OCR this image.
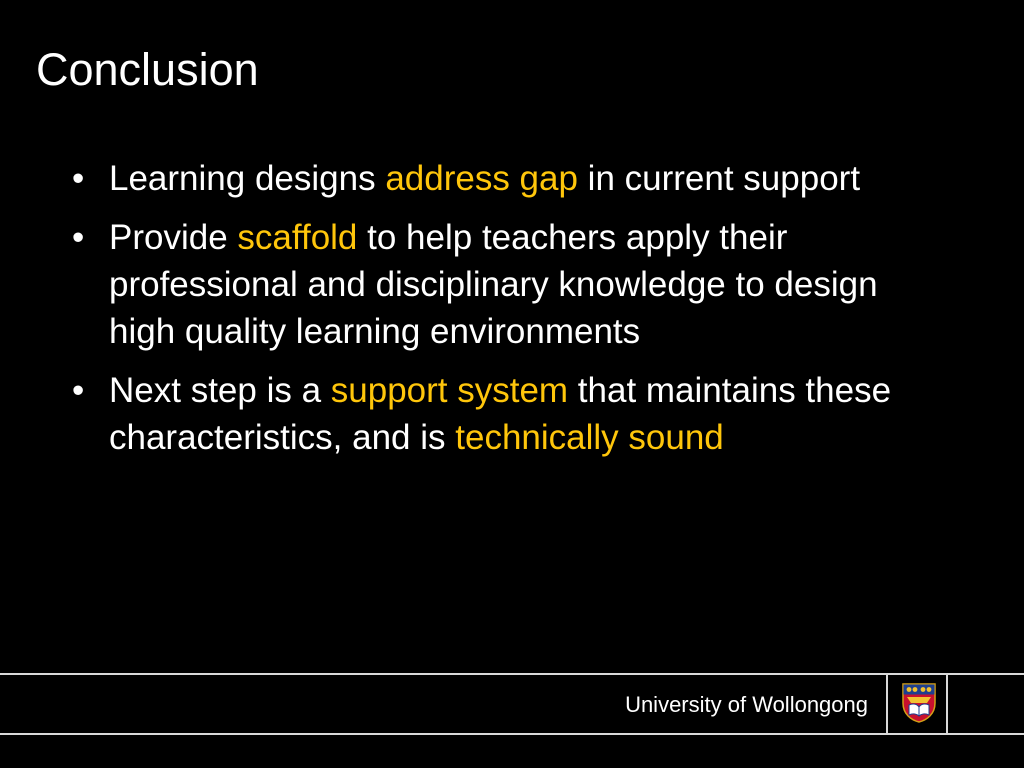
Conclusion
• Learning designs address gap in current support
• Provide scaffold to help teachers apply their professional and disciplinary knowledge to design high quality learning environments
• Next step is a support system that maintains these characteristics, and is technically sound
University of Wollongong
